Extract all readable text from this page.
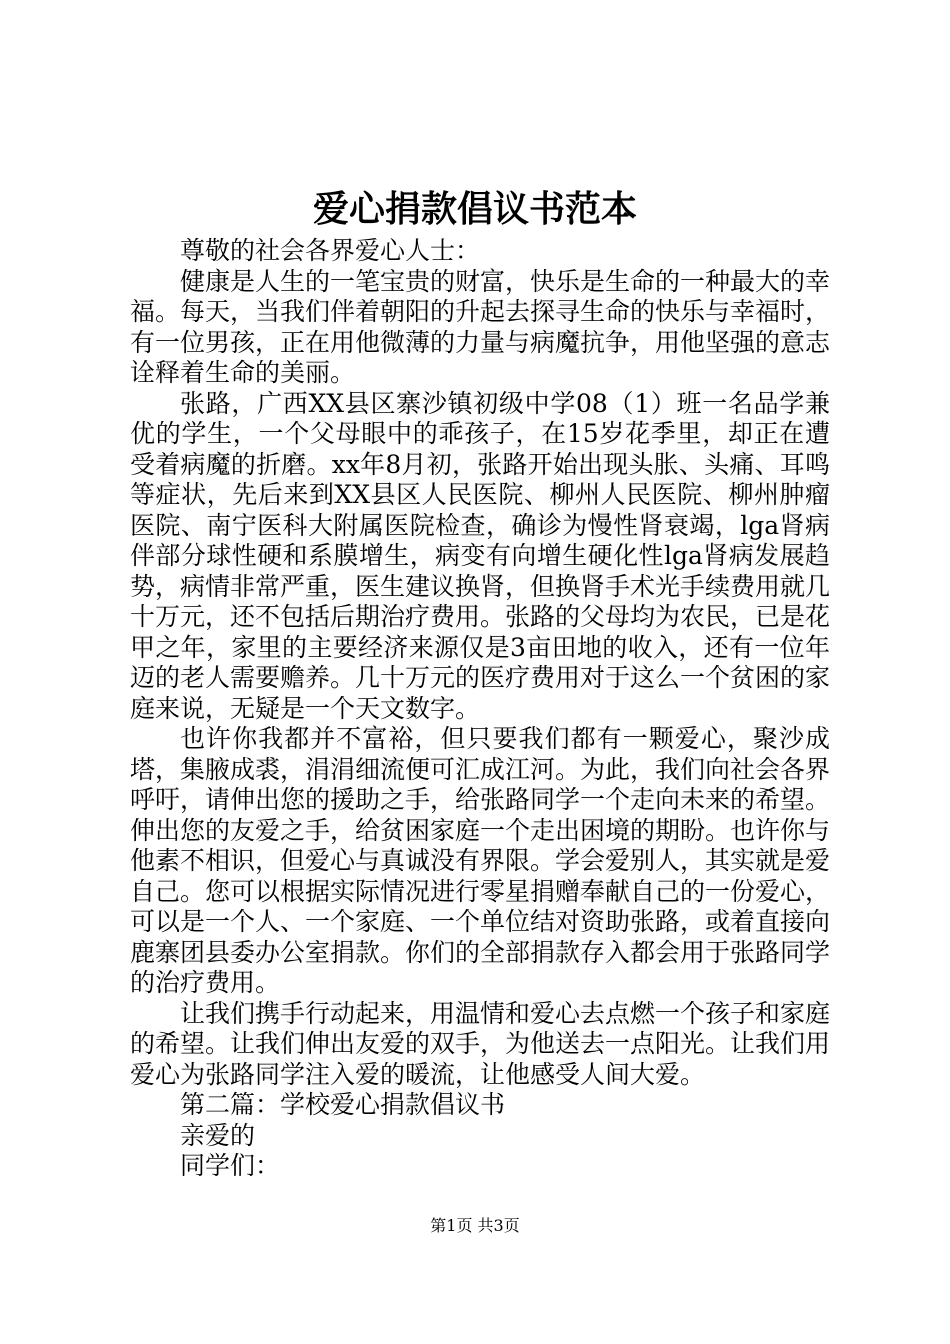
爱心捐款倡议书范本

尊敬的社会各界爱心人士：

健康是人生的一笔宝贵的财富，快乐是生命的一种最大的幸福。每天，当我们伴着朝阳的升起去探寻生命的快乐与幸福时，有一位男孩，正在用他微薄的力量与病魔抗争，用他坚强的意志诠释着生命的美丽。

张路，广西XX县区寨沙镇初级中学08（1）班一名品学兼优的学生，一个父母眼中的乖孩子，在15岁花季里，却正在遭受着病魔的折磨。xx年8月初，张路开始出现头胀、头痛、耳鸣等症状，先后来到XX县区人民医院、柳州人民医院、柳州肿瘤医院、南宁医科大附属医院检查，确诊为慢性肾衰竭，lga肾病伴部分球性硬和系膜增生，病变有向增生硬化性lga肾病发展趋势，病情非常严重，医生建议换肾，但换肾手术光手续费用就几十万元，还不包括后期治疗费用。张路的父母均为农民，已是花甲之年，家里的主要经济来源仅是3亩田地的收入，还有一位年迈的老人需要赡养。几十万元的医疗费用对于这么一个贫困的家庭来说，无疑是一个天文数字。

也许你我都并不富裕，但只要我们都有一颗爱心，聚沙成塔，集腋成裘，涓涓细流便可汇成江河。为此，我们向社会各界呼吁，请伸出您的援助之手，给张路同学一个走向未来的希望。伸出您的友爱之手，给贫困家庭一个走出困境的期盼。也许你与他素不相识，但爱心与真诚没有界限。学会爱别人，其实就是爱自己。您可以根据实际情况进行零星捐赠奉献自己的一份爱心，可以是一个人、一个家庭、一个单位结对资助张路，或着直接向鹿寨团县委办公室捐款。你们的全部捐款存入都会用于张路同学的治疗费用。

让我们携手行动起来，用温情和爱心去点燃一个孩子和家庭的希望。让我们伸出友爱的双手，为他送去一点阳光。让我们用爱心为张路同学注入爱的暖流，让他感受人间大爱。

第二篇：学校爱心捐款倡议书

亲爱的

同学们：

第1页 共3页
